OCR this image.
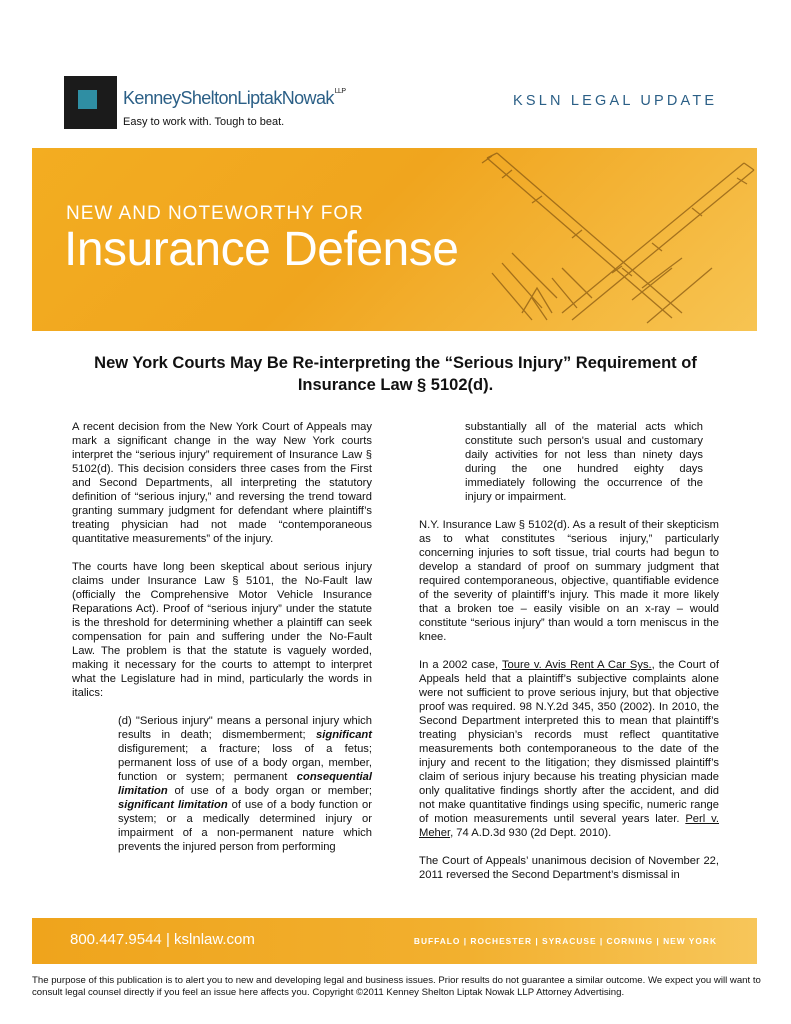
KenneySheltonLiptakNowak$^{LLP}$
Easy to work with. Tough to beat.
KSLN LEGAL UPDATE
NEW AND NOTEWORTHY FOR
Insurance Defense
New York Courts May Be Re-interpreting the “Serious Injury” Requirement of Insurance Law § 5102(d).

A recent decision from the New York Court of Appeals may mark a significant change in the way New York courts interpret the “serious injury” requirement of Insurance Law § 5102(d). This decision considers three cases from the First and Second Departments, all interpreting the statutory definition of “serious injury,” and reversing the trend toward granting summary judgment for defendant where plaintiff’s treating physician had not made “contemporaneous quantitative measurements” of the injury.

The courts have long been skeptical about serious injury claims under Insurance Law § 5101, the No-Fault law (officially the Comprehensive Motor Vehicle Insurance Reparations Act). Proof of “serious injury” under the statute is the threshold for determining whether a plaintiff can seek compensation for pain and suffering under the No-Fault Law. The problem is that the statute is vaguely worded, making it necessary for the courts to attempt to interpret what the Legislature had in mind, particularly the words in italics:

(d) "Serious injury" means a personal injury which results in death; dismemberment; significant disfigurement; a fracture; loss of a fetus; permanent loss of use of a body organ, member, function or system; permanent consequential limitation of use of a body organ or member; significant limitation of use of a body function or system; or a medically determined injury or impairment of a non-permanent nature which prevents the injured person from performing

substantially all of the material acts which constitute such person's usual and customary daily activities for not less than ninety days during the one hundred eighty days immediately following the occurrence of the injury or impairment.

N.Y. Insurance Law § 5102(d). As a result of their skepticism as to what constitutes “serious injury,” particularly concerning injuries to soft tissue, trial courts had begun to develop a standard of proof on summary judgment that required contemporaneous, objective, quantifiable evidence of the severity of plaintiff’s injury. This made it more likely that a broken toe – easily visible on an x-ray – would constitute “serious injury” than would a torn meniscus in the knee.

In a 2002 case, Toure v. Avis Rent A Car Sys., the Court of Appeals held that a plaintiff’s subjective complaints alone were not sufficient to prove serious injury, but that objective proof was required. 98 N.Y.2d 345, 350 (2002). In 2010, the Second Department interpreted this to mean that plaintiff’s treating physician’s records must reflect quantitative measurements both contemporaneous to the date of the injury and recent to the litigation; they dismissed plaintiff’s claim of serious injury because his treating physician made only qualitative findings shortly after the accident, and did not make quantitative findings using specific, numeric range of motion measurements until several years later. Perl v. Meher, 74 A.D.3d 930 (2d Dept. 2010).

The Court of Appeals’ unanimous decision of November 22, 2011 reversed the Second Department’s dismissal in

800.447.9544 | kslnlaw.com	BUFFALO | ROCHESTER | SYRACUSE | CORNING | NEW YORK
The purpose of this publication is to alert you to new and developing legal and business issues. Prior results do not guarantee a similar outcome. We expect you will want to consult legal counsel directly if you feel an issue here affects you. Copyright ©2011 Kenney Shelton Liptak Nowak LLP Attorney Advertising.
